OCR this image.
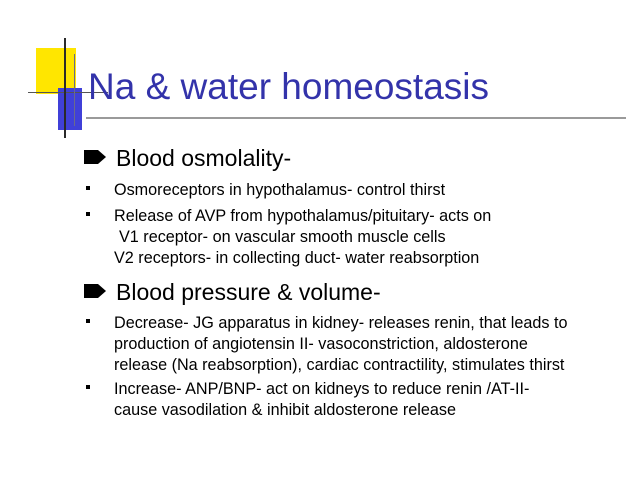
Na & water homeostasis
Blood osmolality-
Osmoreceptors in hypothalamus- control thirst
Release of AVP from hypothalamus/pituitary- acts on
V1 receptor- on vascular smooth muscle cells
V2 receptors- in collecting duct- water reabsorption
Blood pressure & volume-
Decrease- JG apparatus in kidney- releases renin, that leads to
production of angiotensin II- vasoconstriction, aldosterone
release (Na reabsorption), cardiac contractility, stimulates thirst
Increase- ANP/BNP- act on kidneys to reduce renin /AT-II-
cause vasodilation & inhibit aldosterone release
